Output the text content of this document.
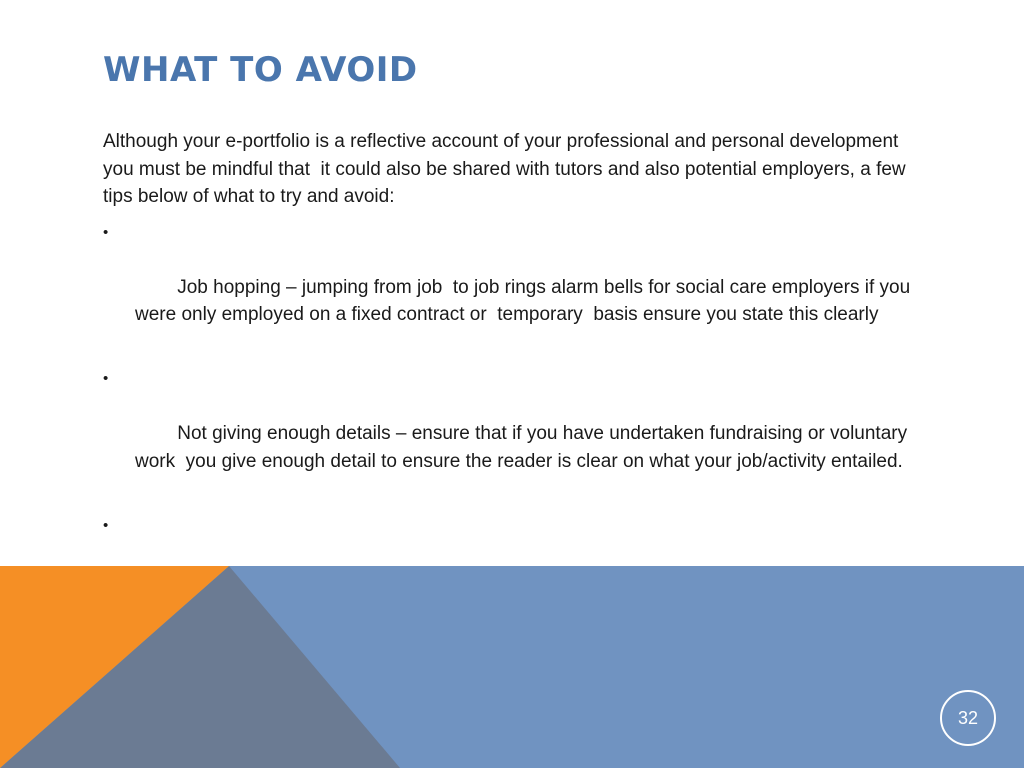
WHAT TO AVOID

Although your e-portfolio is a reflective account of your professional and personal development you must be mindful that  it could also be shared with tutors and also potential employers, a few tips below of what to try and avoid:

•

Job hopping – jumping from job  to job rings alarm bells for social care employers if you were only employed on a fixed contract or  temporary  basis ensure you state this clearly

•

Not giving enough details – ensure that if you have undertaken fundraising or voluntary work  you give enough detail to ensure the reader is clear on what your job/activity entailed.

•

32
